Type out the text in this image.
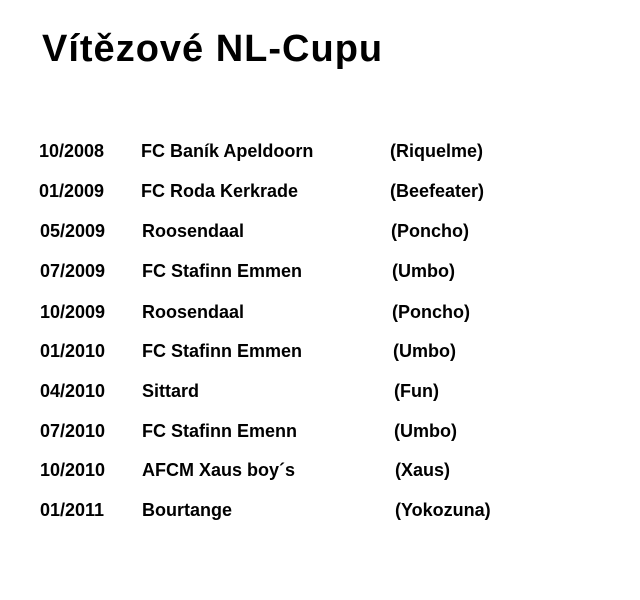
Vítězové NL-Cupu
10/2008 FC Baník Apeldoorn	(Riquelme)
01/2009 FC Roda Kerkrade	(Beefeater)
05/2009 Roosendaal	(Poncho)
07/2009 FC Stafinn Emmen	(Umbo)
10/2009 Roosendaal	(Poncho)
01/2010 FC Stafinn Emmen	(Umbo)
04/2010 Sittard	(Fun)
07/2010 FC Stafinn Emenn	(Umbo)
10/2010 AFCM Xaus boy´s	(Xaus)
01/2011 Bourtange	(Yokozuna)
